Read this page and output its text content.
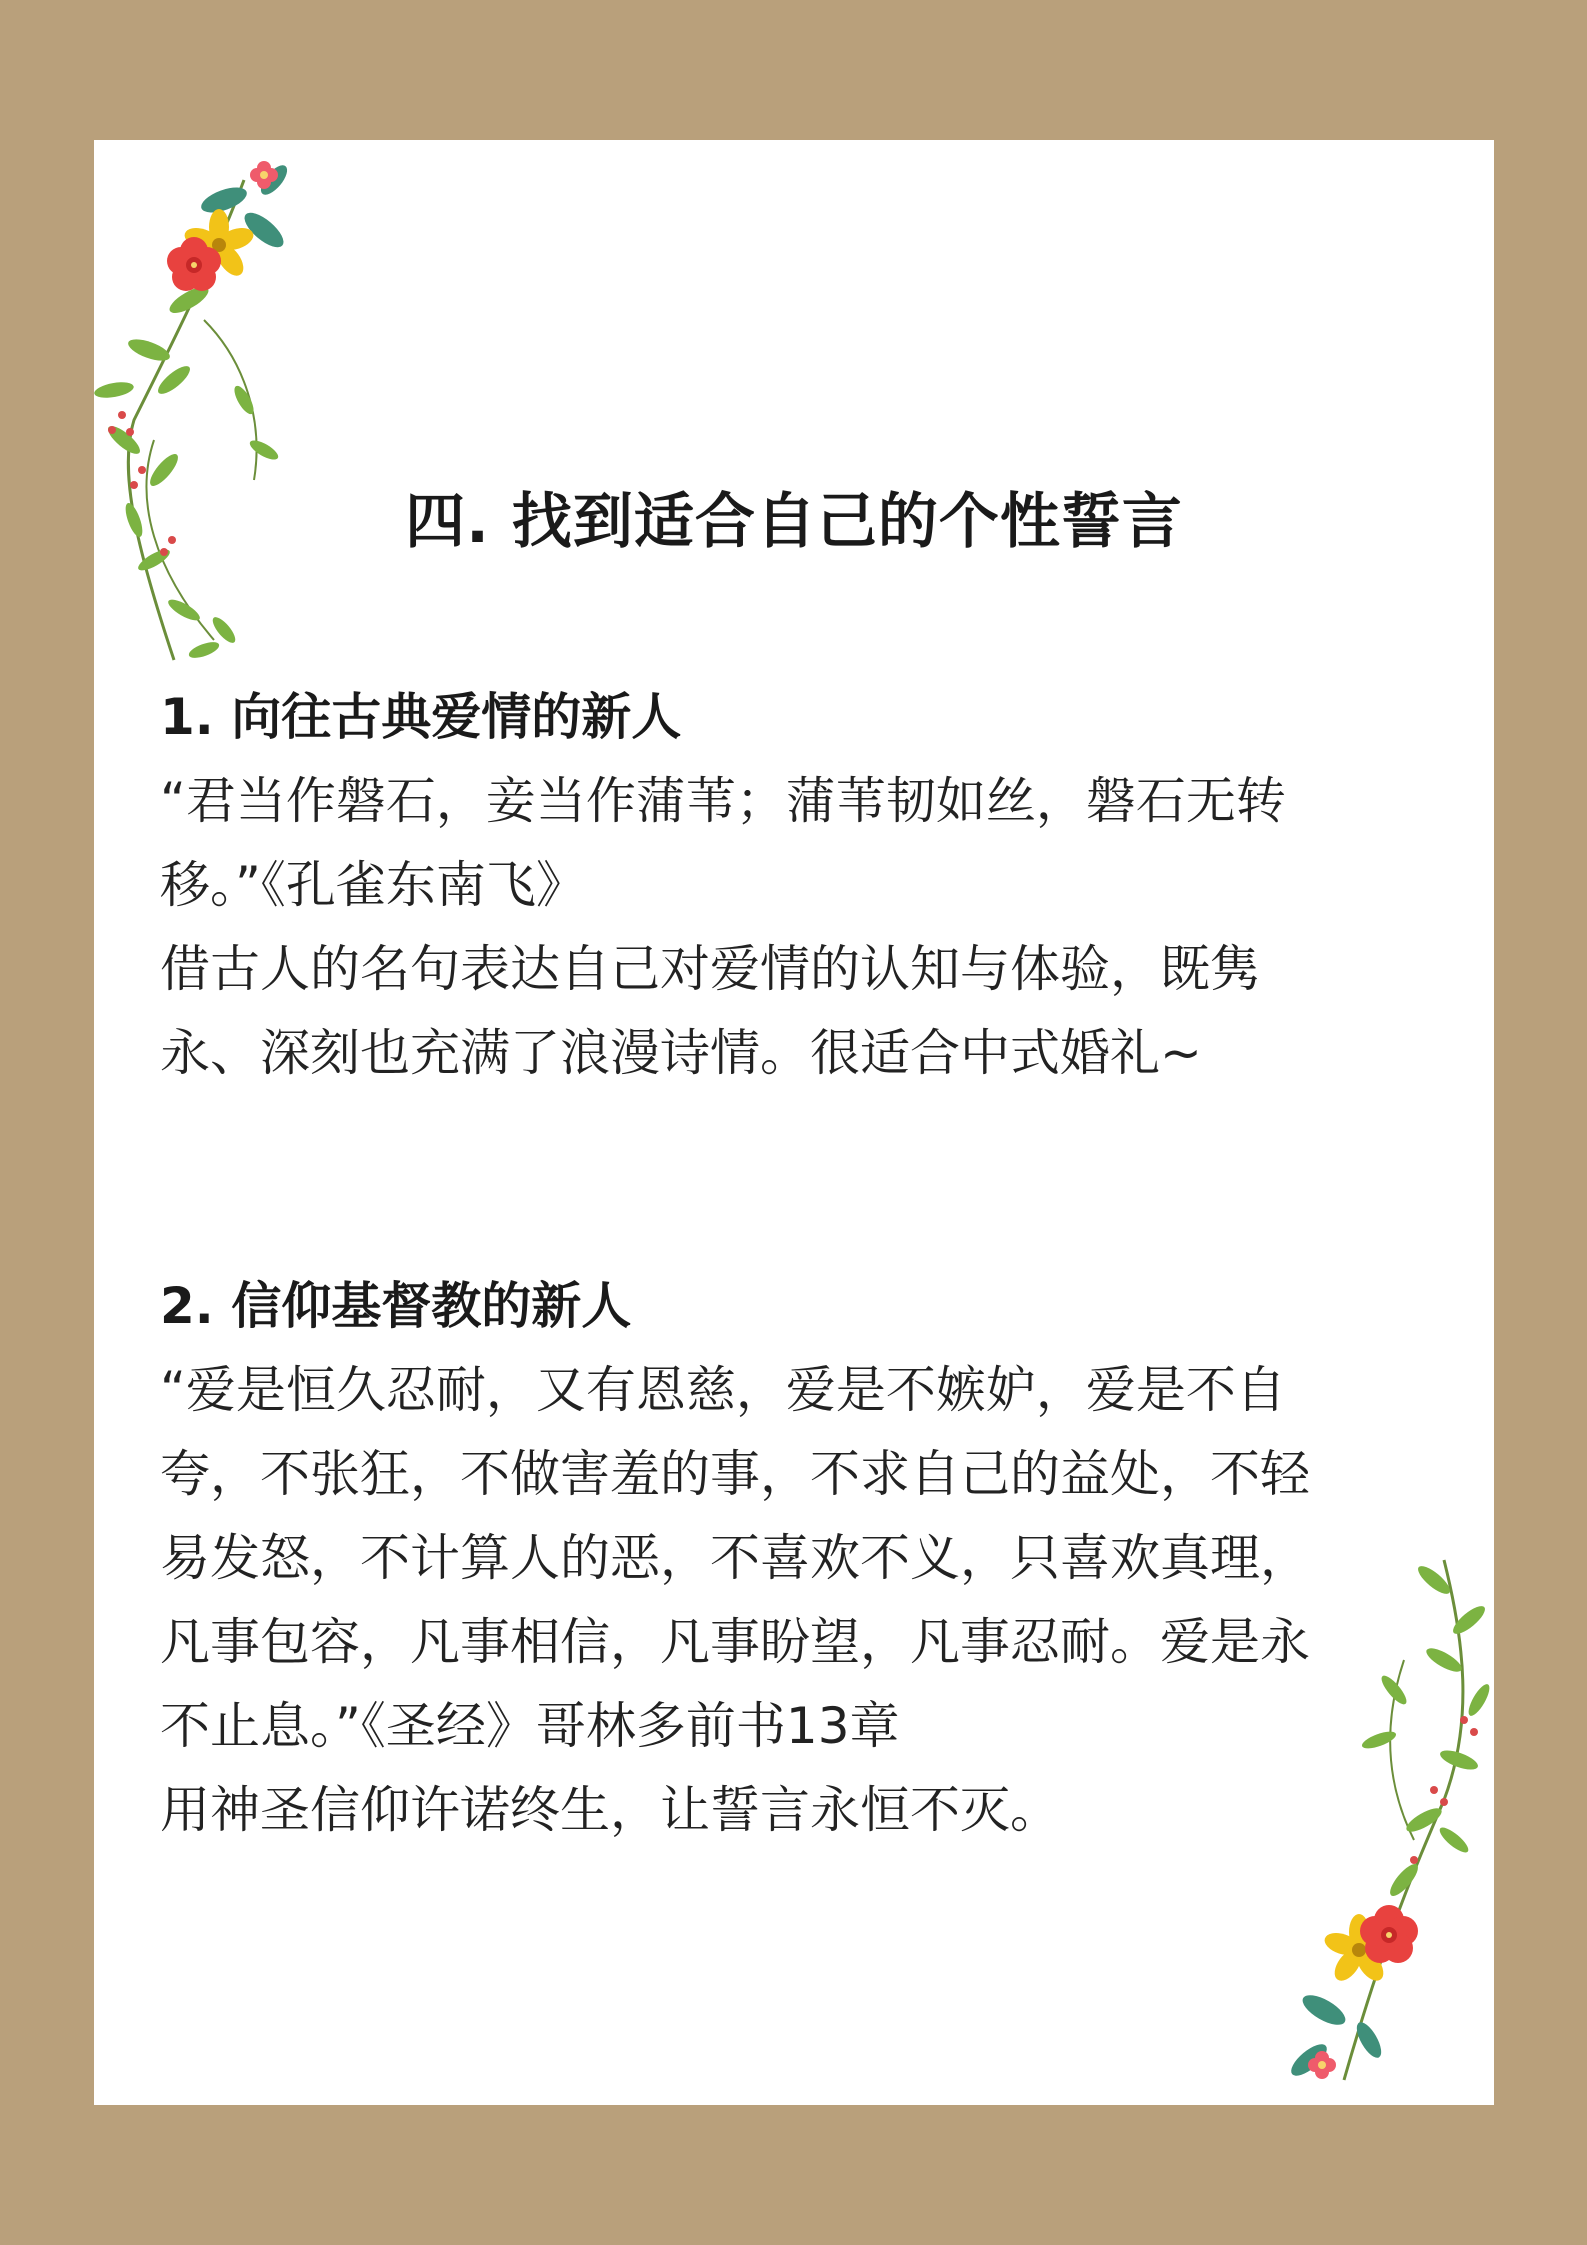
四. 找到适合自己的个性誓言

1. 向往古典爱情的新人

“君当作磐石，妾当作蒲苇；蒲苇韧如丝，磐石无转

移。”《孔雀东南飞》

借古人的名句表达自己对爱情的认知与体验，既隽

永、深刻也充满了浪漫诗情。很适合中式婚礼~

2. 信仰基督教的新人

“爱是恒久忍耐，又有恩慈，爱是不嫉妒，爱是不自

夸，不张狂，不做害羞的事，不求自己的益处，不轻

易发怒，不计算人的恶，不喜欢不义，只喜欢真理，

凡事包容，凡事相信，凡事盼望，凡事忍耐。爱是永

不止息。”《圣经》哥林多前书13章

用神圣信仰许诺终生，让誓言永恒不灭。
